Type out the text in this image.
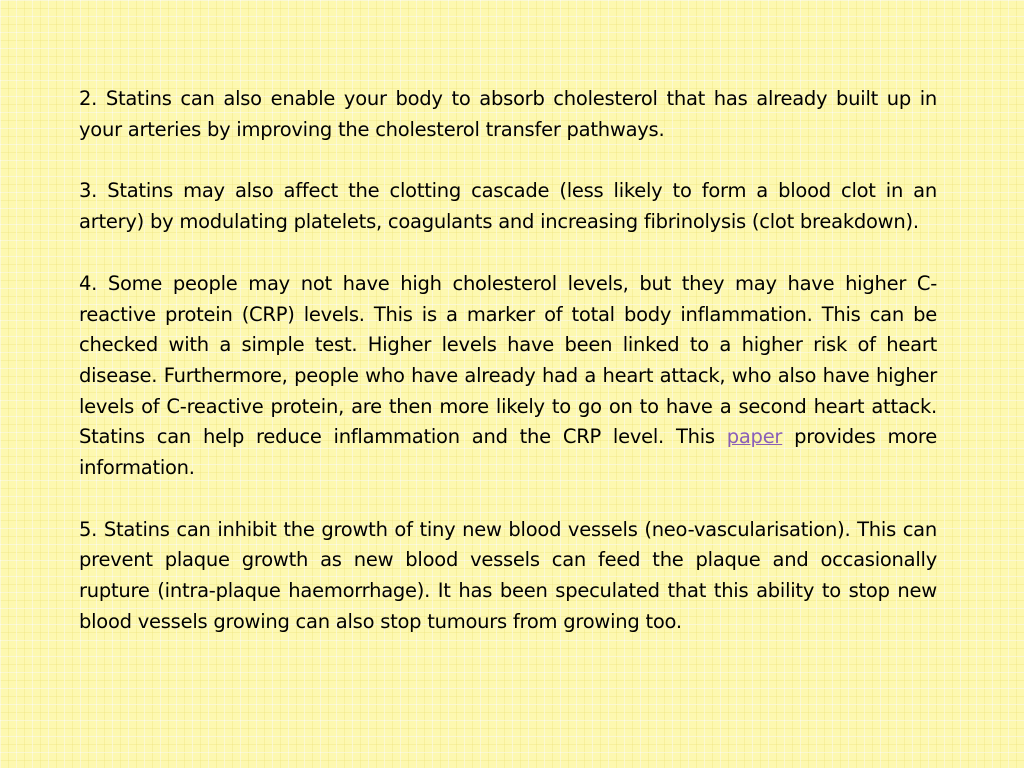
2. Statins can also enable your body to absorb cholesterol that has already built up in your arteries by improving the cholesterol transfer pathways.

3. Statins may also affect the clotting cascade (less likely to form a blood clot in an artery) by modulating platelets, coagulants and increasing fibrinolysis (clot breakdown).

4. Some people may not have high cholesterol levels, but they may have higher C-reactive protein (CRP) levels. This is a marker of total body inflammation. This can be checked with a simple test. Higher levels have been linked to a higher risk of heart disease. Furthermore, people who have already had a heart attack, who also have higher levels of C-reactive protein, are then more likely to go on to have a second heart attack. Statins can help reduce inflammation and the CRP level. This paper provides more information.

5. Statins can inhibit the growth of tiny new blood vessels (neo-vascularisation). This can prevent plaque growth as new blood vessels can feed the plaque and occasionally rupture (intra-plaque haemorrhage). It has been speculated that this ability to stop new blood vessels growing can also stop tumours from growing too.
